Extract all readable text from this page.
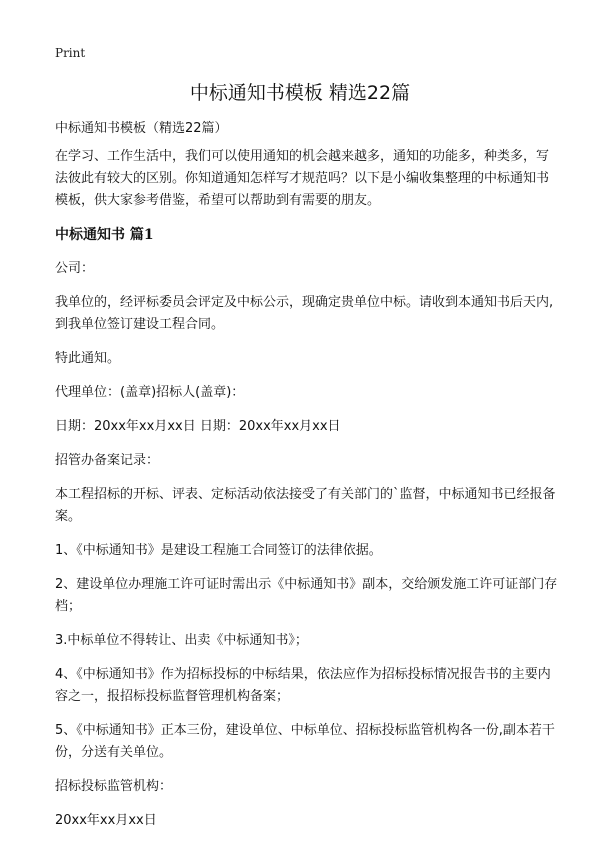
Print
中标通知书模板 精选22篇

中标通知书模板（精选22篇）

在学习、工作生活中，我们可以使用通知的机会越来越多，通知的功能多，种类多，写法彼此有较大的区别。你知道通知怎样写才规范吗？以下是小编收集整理的中标通知书模板，供大家参考借鉴，希望可以帮助到有需要的朋友。

中标通知书 篇1

公司：

我单位的，经评标委员会评定及中标公示，现确定贵单位中标。请收到本通知书后天内,到我单位签订建设工程合同。

特此通知。

代理单位：(盖章)招标人(盖章)：

日期：20xx年xx月xx日 日期：20xx年xx月xx日

招管办备案记录：

本工程招标的开标、评表、定标活动依法接受了有关部门的`监督，中标通知书已经报备案。

1、《中标通知书》是建设工程施工合同签订的法律依据。

2、建设单位办理施工许可证时需出示《中标通知书》副本，交给颁发施工许可证部门存档；

3.中标单位不得转让、出卖《中标通知书》；

4、《中标通知书》作为招标投标的中标结果，依法应作为招标投标情况报告书的主要内容之一，报招标投标监督管理机构备案；

5、《中标通知书》正本三份，建设单位、中标单位、招标投标监管机构各一份,副本若干份，分送有关单位。

招标投标监管机构：

20xx年xx月xx日
